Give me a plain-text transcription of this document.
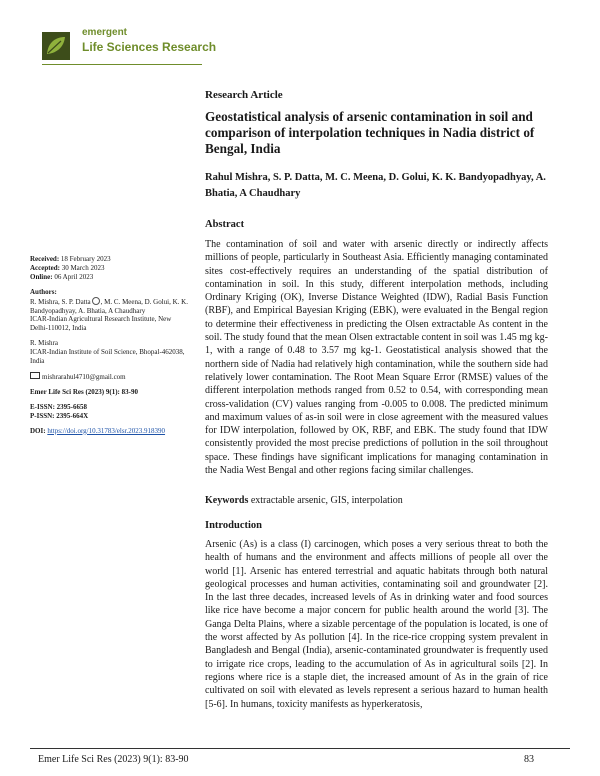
emergent
Life Sciences Research
Research Article
Geostatistical analysis of arsenic contamination in soil and comparison of interpolation techniques in Nadia district of Bengal, India
Rahul Mishra, S. P. Datta, M. C. Meena, D. Golui, K. K. Bandyopadhyay, A. Bhatia, A Chaudhary
Abstract
The contamination of soil and water with arsenic directly or indirectly affects millions of people, particularly in Southeast Asia. Efficiently managing contaminated sites cost-effectively requires an understanding of the spatial distribution of contamination in soil. In this study, different interpolation methods, including Ordinary Kriging (OK), Inverse Distance Weighted (IDW), Radial Basis Function (RBF), and Empirical Bayesian Kriging (EBK), were evaluated in the Bengal region to determine their effectiveness in predicting the Olsen extractable As content in the soil. The study found that the mean Olsen extractable content in soil was 1.45 mg kg-1, with a range of 0.48 to 3.57 mg kg-1. Geostatistical analysis showed that the northern side of Nadia had relatively high contamination, while the southern side had relatively lower contamination. The Root Mean Square Error (RMSE) values of the different interpolation methods ranged from 0.52 to 0.54, with corresponding mean cross-validation (CV) values ranging from -0.005 to 0.008. The predicted minimum and maximum values of as-in soil were in close agreement with the measured values for IDW interpolation, followed by OK, RBF, and EBK. The study found that IDW consistently provided the most precise predictions of pollution in the soil throughout space. These findings have significant implications for managing contamination in the Nadia West Bengal and other regions facing similar challenges.
Keywords extractable arsenic, GIS, interpolation
Introduction
Arsenic (As) is a class (I) carcinogen, which poses a very serious threat to both the health of humans and the environment and affects millions of people all over the world [1]. Arsenic has entered terrestrial and aquatic habitats through both natural geological processes and human activities, contaminating soil and groundwater [2]. In the last three decades, increased levels of As in drinking water and food sources like rice have become a major concern for public health around the world [3]. The Ganga Delta Plains, where a sizable percentage of the population is located, is one of the worst affected by As pollution [4]. In the rice-rice cropping system prevalent in Bangladesh and Bengal (India), arsenic-contaminated groundwater is frequently used to irrigate rice crops, leading to the accumulation of As in agricultural soils [2]. In regions where rice is a staple diet, the increased amount of As in the grain of rice cultivated on soil with elevated as levels represent a serious hazard to human health [5-6]. In humans, toxicity manifests as hyperkeratosis,
Received: 18 February 2023
Accepted: 30 March 2023
Online: 06 April 2023
Authors:
R. Mishra, S. P. Datta , M. C. Meena, D. Golui, K. K. Bandyopadhyay, A. Bhatia, A Chaudhary
ICAR-Indian Agricultural Research Institute, New Delhi-110012, India
R. Mishra
ICAR-Indian Institute of Soil Science, Bhopal-462038, India
mishrarahul4710@gmail.com
Emer Life Sci Res (2023) 9(1): 83-90
E-ISSN: 2395-6658
P-ISSN: 2395-664X
DOI: https://doi.org/10.31783/elsr.2023.918390
Emer Life Sci Res (2023) 9(1): 83-90	83
